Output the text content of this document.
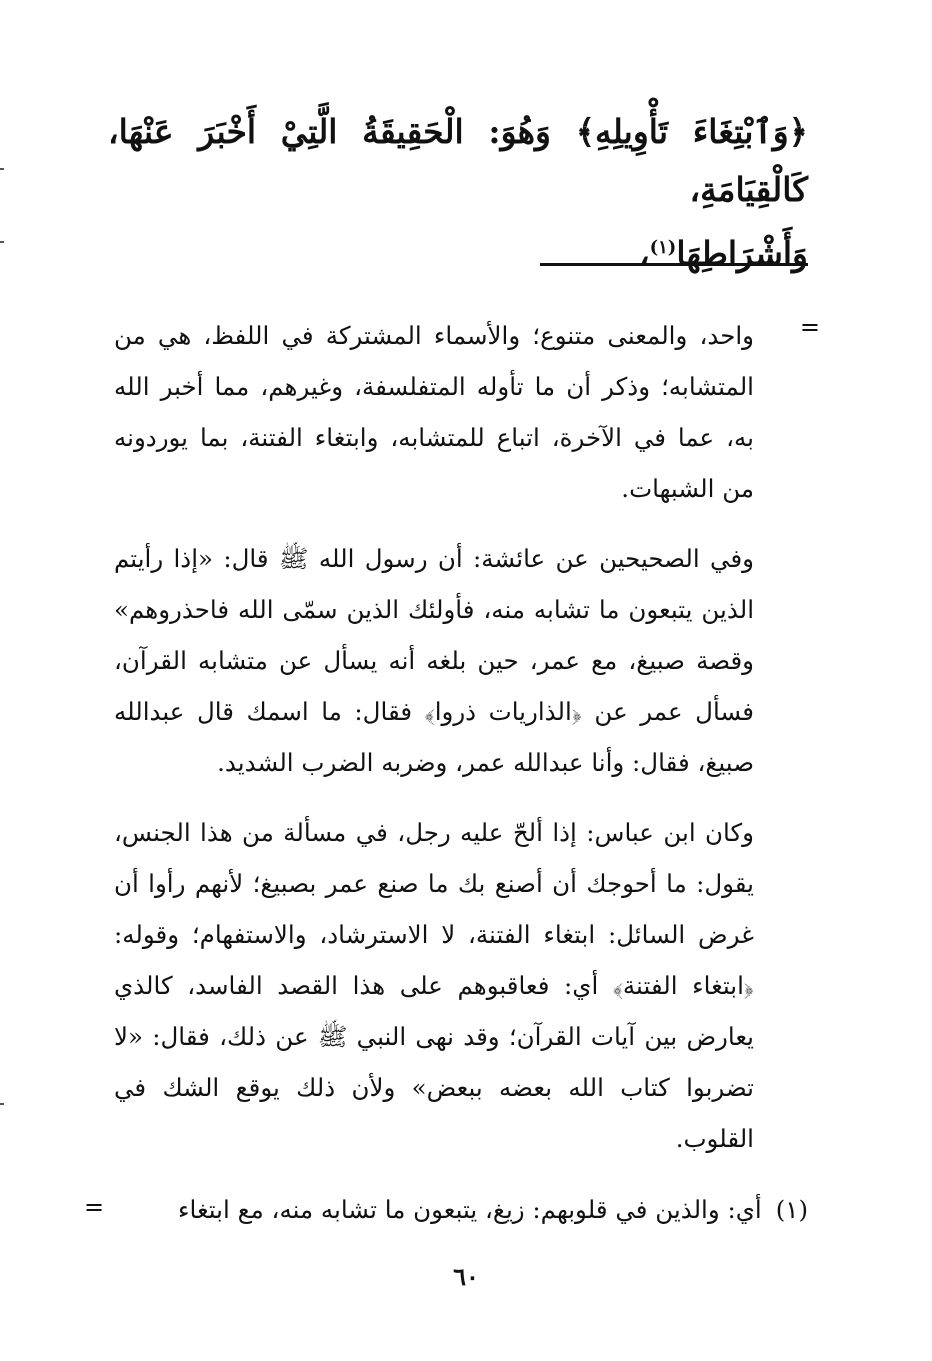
﴿وَٱبْتِغَاءَ تَأْوِيلِهِ﴾ وَهُوَ: الْحَقِيقَةُ الَّتِيْ أَخْبَرَ عَنْهَا، كَالْقِيَامَةِ،
وَأَشْرَاطِهَا$^{(١)}$،
=

واحد، والمعنى متنوع؛ والأسماء المشتركة في اللفظ، هي من المتشابه؛ وذكر أن ما تأوله المتفلسفة، وغيرهم، مما أخبر الله به، عما في الآخرة، اتباع للمتشابه، وابتغاء الفتنة، بما يوردونه من الشبهات.

وفي الصحيحين عن عائشة: أن رسول الله ﷺ قال: «إذا رأيتم الذين يتبعون ما تشابه منه، فأولئك الذين سمّى الله فاحذروهم» وقصة صبيغ، مع عمر، حين بلغه أنه يسأل عن متشابه القرآن، فسأل عمر عن ﴿الذاريات ذروا﴾ فقال: ما اسمك قال عبدالله صبيغ، فقال: وأنا عبدالله عمر، وضربه الضرب الشديد.

وكان ابن عباس: إذا ألحّ عليه رجل، في مسألة من هذا الجنس، يقول: ما أحوجك أن أصنع بك ما صنع عمر بصبيغ؛ لأنهم رأوا أن غرض السائل: ابتغاء الفتنة، لا الاسترشاد، والاستفهام؛ وقوله: ﴿ابتغاء الفتنة﴾ أي: فعاقبوهم على هذا القصد الفاسد، كالذي يعارض بين آيات القرآن؛ وقد نهى النبي ﷺ عن ذلك، فقال: «لا تضربوا كتاب الله بعضه ببعض» ولأن ذلك يوقع الشك في القلوب.

(١)
أي: والذين في قلوبهم: زيغ، يتبعون ما تشابه منه، مع ابتغاء
=
٦٠
